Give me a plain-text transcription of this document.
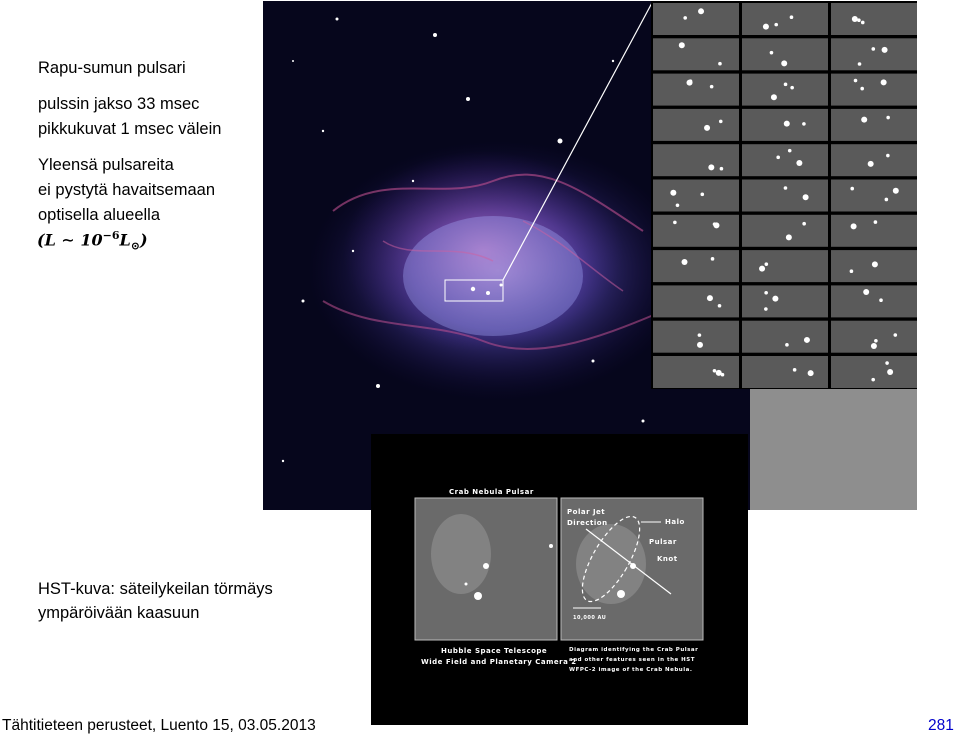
Rapu-sumun pulsari
pulssin jakso 33 msec
pikkukuvat 1 msec välein
Yleensä pulsareita
ei pystytä havaitsemaan
optisella alueella
(L ∼ $10^{-6}L_⊙$)
Crab Nebula Pulsar
Polar Jet
Direction	Halo
Pulsar
Knot
10,000 AU
Hubble Space Telescope
Wide Field and Planetary Camera 2
Diagram identifying the Crab Pulsar
and other features seen in the HST
WFPC-2 image of the Crab Nebula.
HST-kuva: säteilykeilan törmäys
ympäröivään kaasuun
Tähtitieteen perusteet, Luento 15, 03.05.2013	281
